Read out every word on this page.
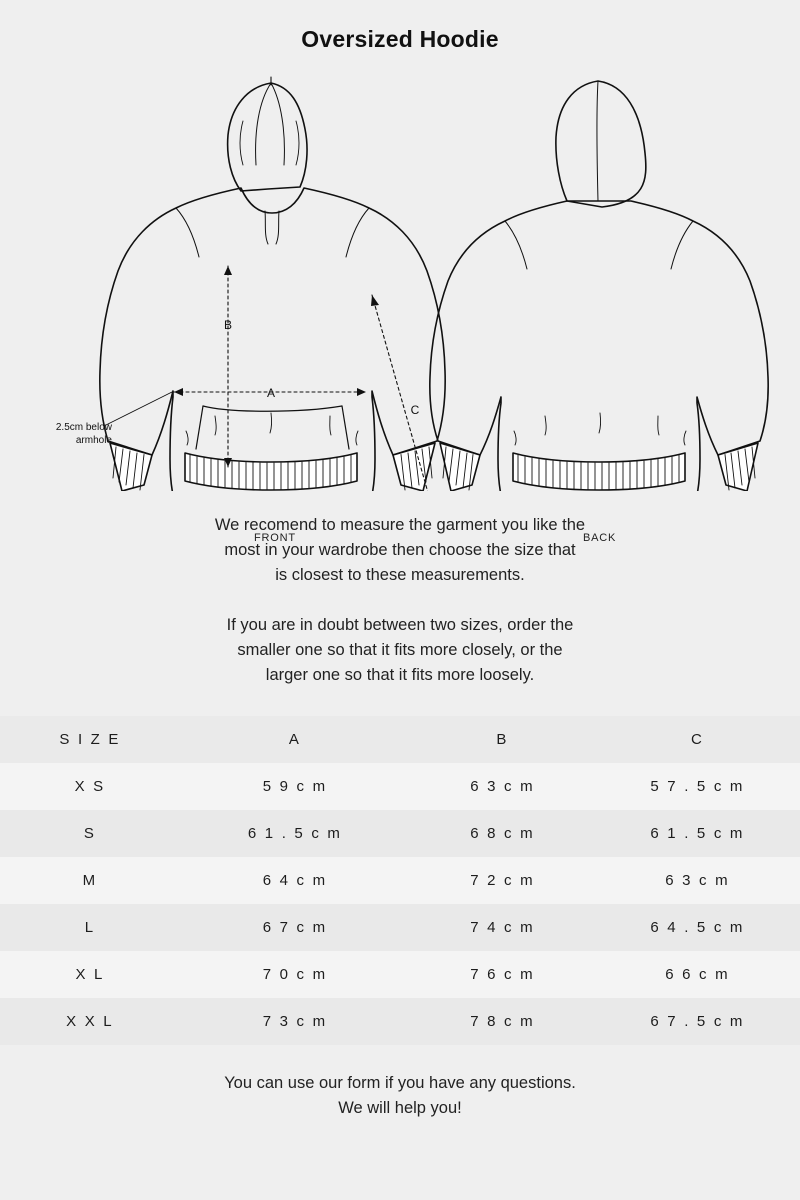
Oversized Hoodie
A
B
C
2.5cm below
armhole
FRONT	BACK

We recomend to measure the garment you like the

most in your wardrobe then choose the size that

is closest to these measurements.

If you are in doubt between two sizes, order the

smaller one so that it fits more closely, or the

larger one so that it fits more loosely.

S I Z E	A	B	C
X S	5 9 c m	6 3 c m	5 7 . 5 c m
S	6 1 . 5 c m	6 8 c m	6 1 . 5 c m
M	6 4 c m	7 2 c m	6 3 c m
L	6 7 c m	7 4 c m	6 4 . 5 c m
X L	7 0 c m	7 6 c m	6 6 c m
X X L	7 3 c m	7 8 c m	6 7 . 5 c m

You can use our form if you have any questions.

We will help you!
